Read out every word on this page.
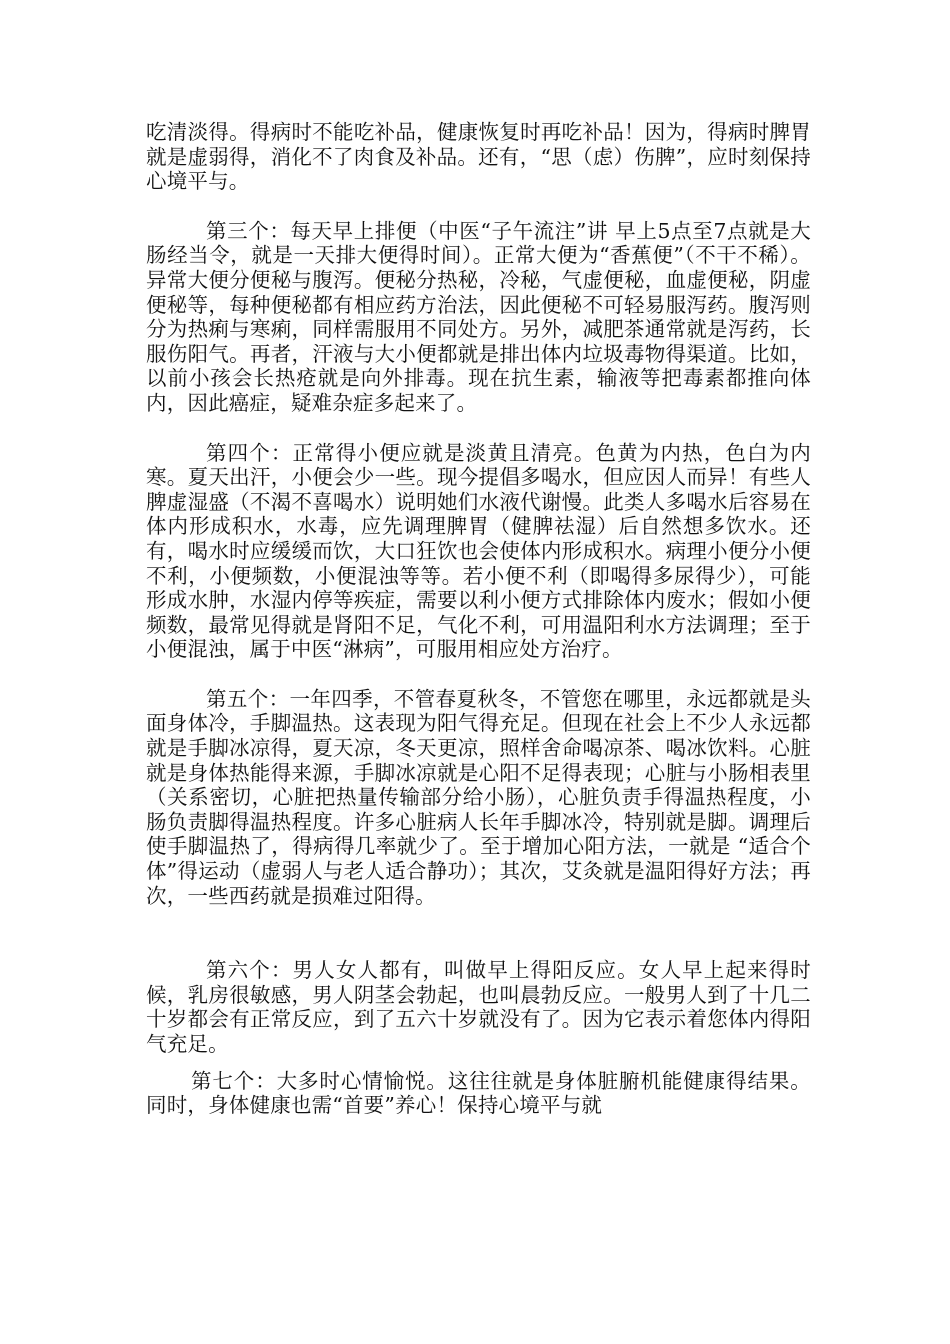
吃清淡得。得病时不能吃补品，健康恢复时再吃补品！因为，得病时脾胃就是虚弱得，消化不了肉食及补品。还有，“思（虑）伤脾”，应时刻保持心境平与。

第三个：每天早上排便（中医“子午流注”讲 早上5点至7点就是大肠经当令，就是一天排大便得时间）。正常大便为“香蕉便”（不干不稀）。异常大便分便秘与腹泻。便秘分热秘，冷秘，气虚便秘，血虚便秘，阴虚便秘等，每种便秘都有相应药方治法，因此便秘不可轻易服泻药。腹泻则分为热痢与寒痢，同样需服用不同处方。另外，减肥茶通常就是泻药，长服伤阳气。再者，汗液与大小便都就是排出体内垃圾毒物得渠道。比如，以前小孩会长热疮就是向外排毒。现在抗生素，输液等把毒素都推向体内，因此癌症，疑难杂症多起来了。

第四个：正常得小便应就是淡黄且清亮。色黄为内热，色白为内寒。夏天出汗，小便会少一些。现今提倡多喝水，但应因人而异！有些人脾虚湿盛（不渴不喜喝水）说明她们水液代谢慢。此类人多喝水后容易在体内形成积水，水毒，应先调理脾胃（健脾祛湿）后自然想多饮水。还有，喝水时应缓缓而饮，大口狂饮也会使体内形成积水。病理小便分小便不利，小便频数，小便混浊等等。若小便不利（即喝得多尿得少），可能形成水肿，水湿内停等疾症，需要以利小便方式排除体内废水；假如小便频数，最常见得就是肾阳不足，气化不利，可用温阳利水方法调理；至于小便混浊，属于中医“淋病”，可服用相应处方治疗。

第五个：一年四季，不管春夏秋冬，不管您在哪里，永远都就是头面身体冷，手脚温热。这表现为阳气得充足。但现在社会上不少人永远都就是手脚冰凉得，夏天凉，冬天更凉，照样舍命喝凉茶、喝冰饮料。心脏就是身体热能得来源，手脚冰凉就是心阳不足得表现；心脏与小肠相表里（关系密切，心脏把热量传输部分给小肠），心脏负责手得温热程度，小肠负责脚得温热程度。许多心脏病人长年手脚冰冷，特别就是脚。调理后使手脚温热了，得病得几率就少了。至于增加心阳方法，一就是 “适合个体”得运动（虚弱人与老人适合静功）；其次，艾灸就是温阳得好方法；再次，一些西药就是损难过阳得。

第六个：男人女人都有，叫做早上得阳反应。女人早上起来得时候，乳房很敏感，男人阴茎会勃起，也叫晨勃反应。一般男人到了十几二十岁都会有正常反应，到了五六十岁就没有了。因为它表示着您体内得阳气充足。

第七个：大多时心情愉悦。这往往就是身体脏腑机能健康得结果。同时，身体健康也需“首要”养心！保持心境平与就
